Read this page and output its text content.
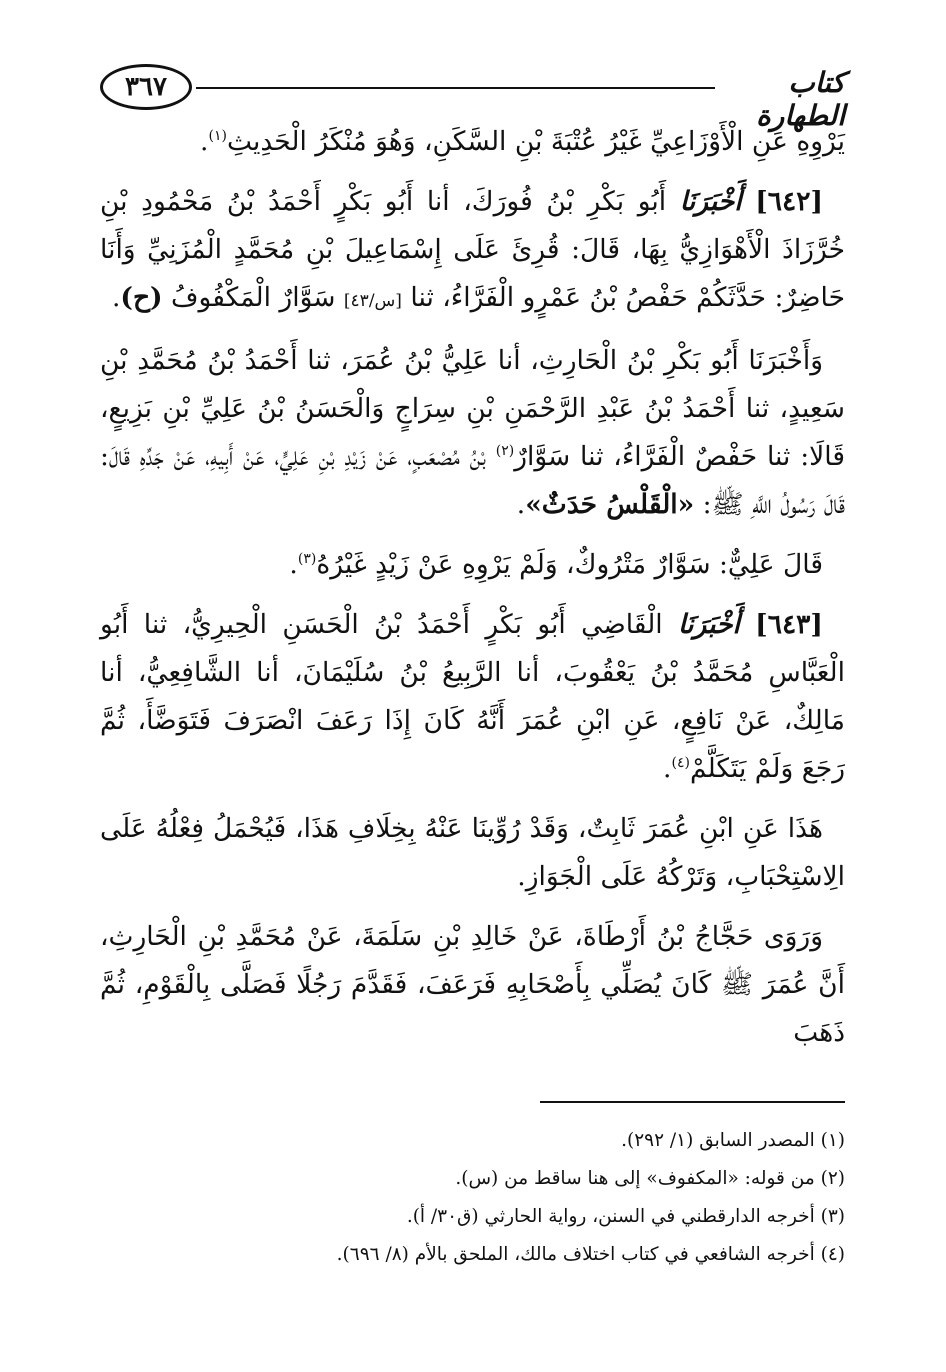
٣٦٧	كتاب الطهارة

يَرْوِهِ عَنِ الْأَوْزَاعِيِّ غَيْرُ عُتْبَةَ بْنِ السَّكَنِ، وَهُوَ مُنْكَرُ الْحَدِيثِ$^{(١)}$.

[٦٤٢] أَخْبَرَنَا أَبُو بَكْرِ بْنُ فُورَكَ، أنا أَبُو بَكْرٍ أَحْمَدُ بْنُ مَحْمُودِ بْنِ خُرَّزَاذَ الْأَهْوَازِيُّ بِهَا، قَالَ: قُرِئَ عَلَى إِسْمَاعِيلَ بْنِ مُحَمَّدٍ الْمُزَنِيِّ وَأَنَا حَاضِرٌ: حَدَّثَكُمْ حَفْصُ بْنُ عَمْرٍو الْفَرَّاءُ، ثنا [س/٤٣] سَوَّارٌ الْمَكْفُوفُ (ح).

وَأَخْبَرَنَا أَبُو بَكْرِ بْنُ الْحَارِثِ، أنا عَلِيُّ بْنُ عُمَرَ، ثنا أَحْمَدُ بْنُ مُحَمَّدِ بْنِ سَعِيدٍ، ثنا أَحْمَدُ بْنُ عَبْدِ الرَّحْمَنِ بْنِ سِرَاجٍ وَالْحَسَنُ بْنُ عَلِيِّ بْنِ بَزِيعٍ، قَالَا: ثنا حَفْصٌ الْفَرَّاءُ، ثنا سَوَّارٌ$^{(٢)}$ بْنُ مُصْعَبٍ، عَنْ زَيْدِ بْنِ عَلِيٍّ، عَنْ أَبِيهِ، عَنْ جَدِّهِ قَالَ: قَالَ رَسُولُ اللَّهِ ﷺ: «الْقَلْسُ حَدَثٌ».

قَالَ عَلِيٌّ: سَوَّارٌ مَتْرُوكٌ، وَلَمْ يَرْوِهِ عَنْ زَيْدٍ غَيْرُهُ$^{(٣)}$.

[٦٤٣] أَخْبَرَنَا الْقَاضِي أَبُو بَكْرٍ أَحْمَدُ بْنُ الْحَسَنِ الْحِيرِيُّ، ثنا أَبُو الْعَبَّاسِ مُحَمَّدُ بْنُ يَعْقُوبَ، أنا الرَّبِيعُ بْنُ سُلَيْمَانَ، أنا الشَّافِعِيُّ، أنا مَالِكٌ، عَنْ نَافِعٍ، عَنِ ابْنِ عُمَرَ أَنَّهُ كَانَ إِذَا رَعَفَ انْصَرَفَ فَتَوَضَّأَ، ثُمَّ رَجَعَ وَلَمْ يَتَكَلَّمْ$^{(٤)}$.

هَذَا عَنِ ابْنِ عُمَرَ ثَابِتٌ، وَقَدْ رُوِّينَا عَنْهُ بِخِلَافِ هَذَا، فَيُحْمَلُ فِعْلُهُ عَلَى الِاسْتِحْبَابِ، وَتَرْكُهُ عَلَى الْجَوَازِ.

وَرَوَى حَجَّاجُ بْنُ أَرْطَاةَ، عَنْ خَالِدِ بْنِ سَلَمَةَ، عَنْ مُحَمَّدِ بْنِ الْحَارِثِ، أَنَّ عُمَرَ ﷺ كَانَ يُصَلِّي بِأَصْحَابِهِ فَرَعَفَ، فَقَدَّمَ رَجُلًا فَصَلَّى بِالْقَوْمِ، ثُمَّ ذَهَبَ

(١) المصدر السابق (١/ ٢٩٢).

(٢) من قوله: «المكفوف» إلى هنا ساقط من (س).

(٣) أخرجه الدارقطني في السنن، رواية الحارثي (ق٣٠/ أ).

(٤) أخرجه الشافعي في كتاب اختلاف مالك، الملحق بالأم (٨/ ٦٩٦).
